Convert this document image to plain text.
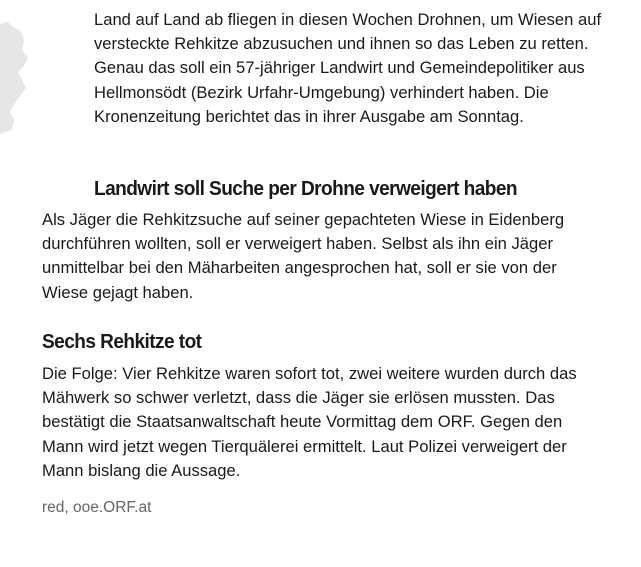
Land auf Land ab fliegen in diesen Wochen Drohnen, um Wiesen auf versteckte Rehkitze abzusuchen und ihnen so das Leben zu retten. Genau das soll ein 57-jähriger Landwirt und Gemeindepolitiker aus Hellmonsödt (Bezirk Urfahr-Umgebung) verhindert haben. Die Kronenzeitung berichtet das in ihrer Ausgabe am Sonntag.

Landwirt soll Suche per Drohne verweigert haben

Als Jäger die Rehkitzsuche auf seiner gepachteten Wiese in Eidenberg durchführen wollten, soll er verweigert haben. Selbst als ihn ein Jäger unmittelbar bei den Mäharbeiten angesprochen hat, soll er sie von der Wiese gejagt haben.

Sechs Rehkitze tot

Die Folge: Vier Rehkitze waren sofort tot, zwei weitere wurden durch das Mähwerk so schwer verletzt, dass die Jäger sie erlösen mussten. Das bestätigt die Staatsanwaltschaft heute Vormittag dem ORF. Gegen den Mann wird jetzt wegen Tierquälerei ermittelt. Laut Polizei verweigert der Mann bislang die Aussage.

red, ooe.ORF.at
